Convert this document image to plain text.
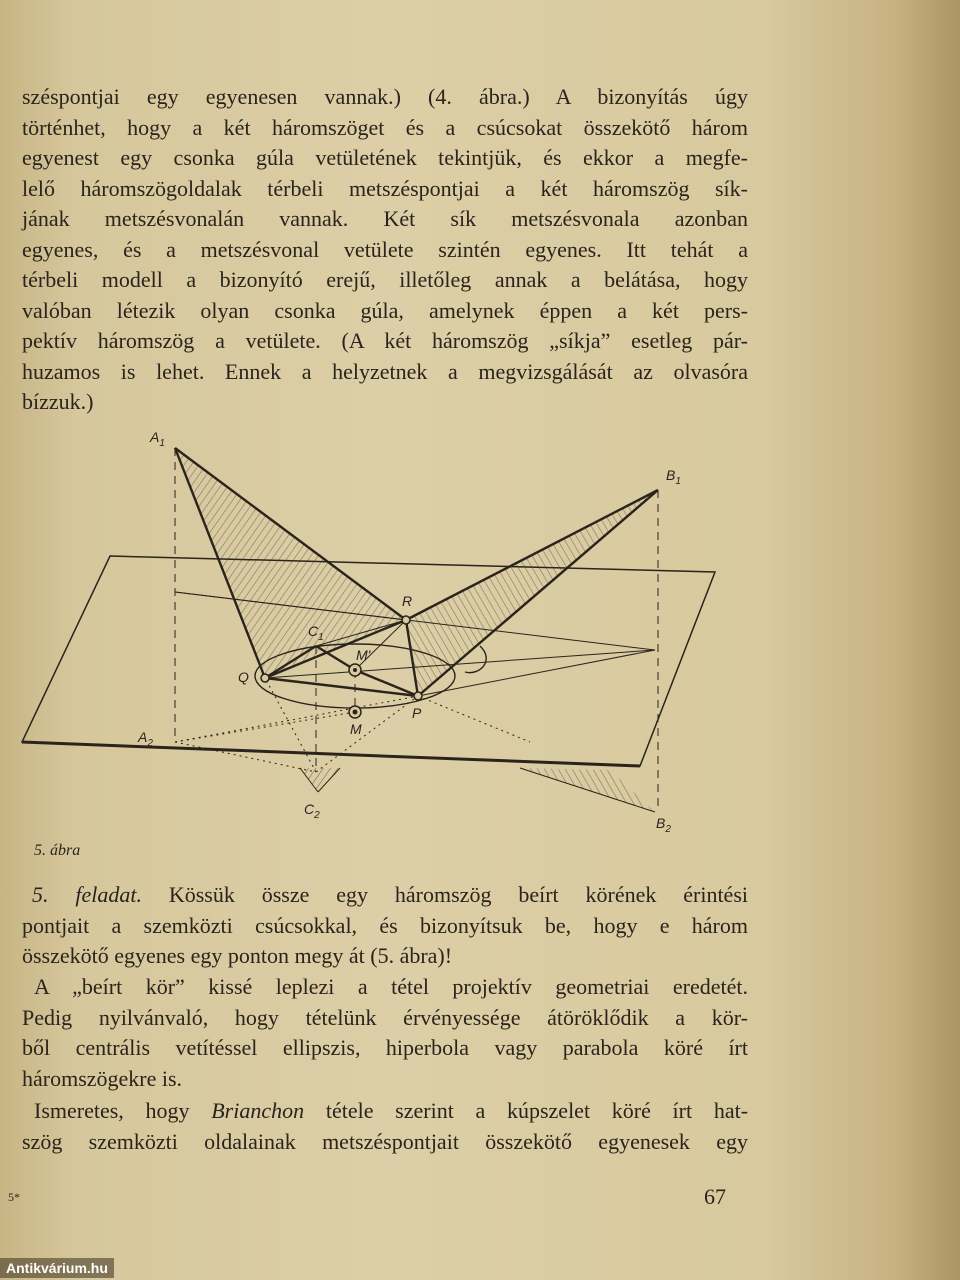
széspontjai egy egyenesen vannak.) (4. ábra.) A bizonyítás úgy
történhet, hogy a két háromszöget és a csúcsokat összekötő három
egyenest egy csonka gúla vetületének tekintjük, és ekkor a megfe-
lelő háromszögoldalak térbeli metszéspontjai a két háromszög sík-
jának metszésvonalán vannak. Két sík metszésvonala azonban
egyenes, és a metszésvonal vetülete szintén egyenes. Itt tehát a
térbeli modell a bizonyító erejű, illetőleg annak a belátása, hogy
valóban létezik olyan csonka gúla, amelynek éppen a két pers-
pektív háromszög a vetülete. (A két háromszög „síkja” esetleg pár-
huzamos is lehet. Ennek a helyzetnek a megvizsgálását az olvasóra
bízzuk.)
$A_1$
$B_1$
R
$C_1$
M'
Q
P
M
$A_2$
$C_2$	$B_2$
5. ábra
5. feladat. Kössük össze egy háromszög beírt körének érintési
pontjait a szemközti csúcsokkal, és bizonyítsuk be, hogy e három
összekötő egyenes egy ponton megy át (5. ábra)!
A „beírt kör” kissé leplezi a tétel projektív geometriai eredetét.
Pedig nyilvánvaló, hogy tételünk érvényessége átöröklődik a kör-
ből centrális vetítéssel ellipszis, hiperbola vagy parabola köré írt
háromszögekre is.
Ismeretes, hogy Brianchon tétele szerint a kúpszelet köré írt hat-
szög szemközti oldalainak metszéspontjait összekötő egyenesek egy
5*	67
Antikvárium.hu
